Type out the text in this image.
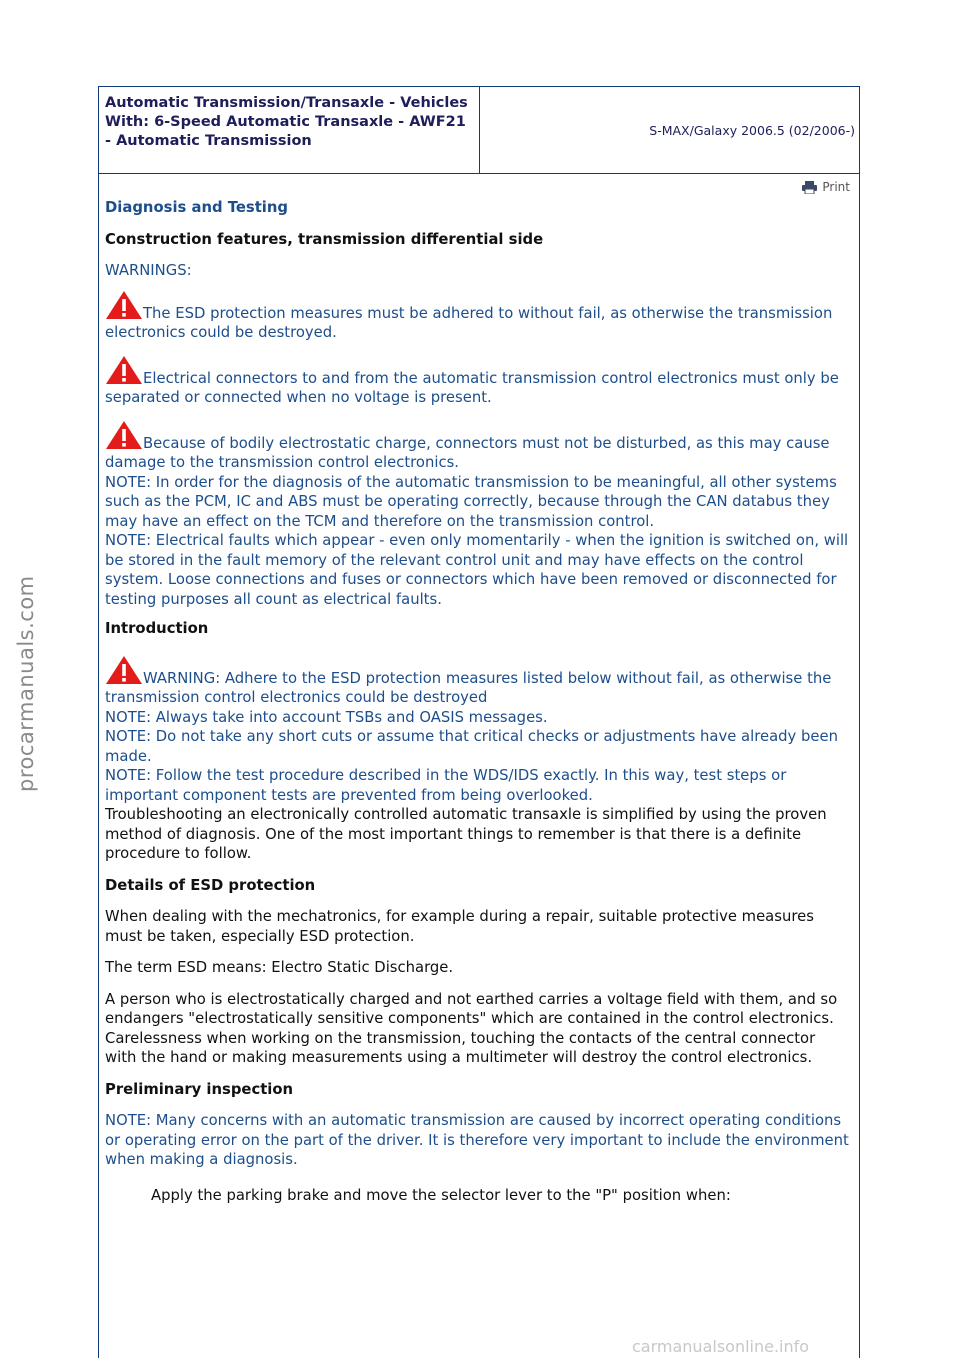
procarmanuals.com
carmanualsonline.info
Automatic Transmission/Transaxle - Vehicles With: 6-Speed Automatic Transaxle - AWF21 - Automatic Transmission
S-MAX/Galaxy 2006.5 (02/2006-)
Print

Diagnosis and Testing

Construction features, transmission differential side

WARNINGS:

The ESD protection measures must be adhered to without fail, as otherwise the transmission electronics could be destroyed.

Electrical connectors to and from the automatic transmission control electronics must only be separated or connected when no voltage is present.

Because of bodily electrostatic charge, connectors must not be disturbed, as this may cause damage to the transmission control electronics.

NOTE: In order for the diagnosis of the automatic transmission to be meaningful, all other systems such as the PCM, IC and ABS must be operating correctly, because through the CAN databus they may have an effect on the TCM and therefore on the transmission control.

NOTE: Electrical faults which appear - even only momentarily - when the ignition is switched on, will be stored in the fault memory of the relevant control unit and may have effects on the control system. Loose connections and fuses or connectors which have been removed or disconnected for testing purposes all count as electrical faults.

Introduction

WARNING: Adhere to the ESD protection measures listed below without fail, as otherwise the transmission control electronics could be destroyed

NOTE: Always take into account TSBs and OASIS messages.

NOTE: Do not take any short cuts or assume that critical checks or adjustments have already been made.

NOTE: Follow the test procedure described in the WDS/IDS exactly. In this way, test steps or important component tests are prevented from being overlooked.

Troubleshooting an electronically controlled automatic transaxle is simplified by using the proven method of diagnosis. One of the most important things to remember is that there is a definite procedure to follow.

Details of ESD protection

When dealing with the mechatronics, for example during a repair, suitable protective measures must be taken, especially ESD protection.

The term ESD means: Electro Static Discharge.

A person who is electrostatically charged and not earthed carries a voltage field with them, and so endangers "electrostatically sensitive components" which are contained in the control electronics. Carelessness when working on the transmission, touching the contacts of the central connector with the hand or making measurements using a multimeter will destroy the control electronics.

Preliminary inspection

NOTE: Many concerns with an automatic transmission are caused by incorrect operating conditions or operating error on the part of the driver. It is therefore very important to include the environment when making a diagnosis.

Apply the parking brake and move the selector lever to the "P" position when:
